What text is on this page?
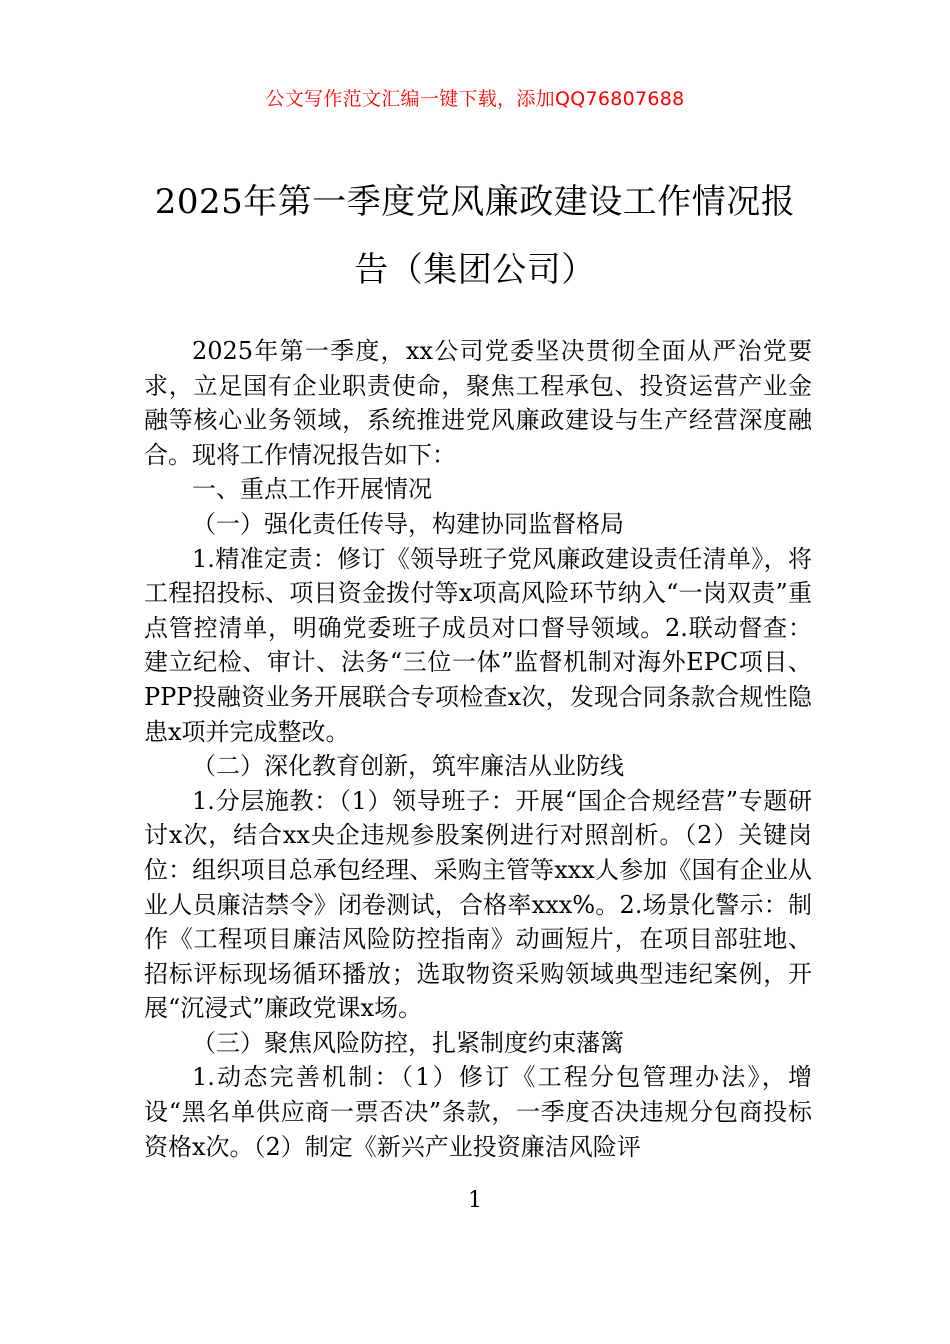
公文写作范文汇编一键下载，添加QQ76807688
2025年第一季度党风廉政建设工作情况报
告（集团公司）

2025年第一季度，xx公司党委坚决贯彻全面从严治党要求，立足国有企业职责使命，聚焦工程承包、投资运营产业金融等核心业务领域，系统推进党风廉政建设与生产经营深度融合。现将工作情况报告如下：

一、重点工作开展情况

（一）强化责任传导，构建协同监督格局

1.精准定责：修订《领导班子党风廉政建设责任清单》，将工程招投标、项目资金拨付等x项高风险环节纳入“一岗双责”重点管控清单，明确党委班子成员对口督导领域。2.联动督查：建立纪检、审计、法务“三位一体”监督机制对海外EPC项目、PPP投融资业务开展联合专项检查x次，发现合同条款合规性隐患x项并完成整改。

（二）深化教育创新，筑牢廉洁从业防线

1.分层施教：（1）领导班子：开展“国企合规经营”专题研讨x次，结合xx央企违规参股案例进行对照剖析。（2）关键岗位：组织项目总承包经理、采购主管等xxx人参加《国有企业从业人员廉洁禁令》闭卷测试，合格率xxx%。2.场景化警示：制作《工程项目廉洁风险防控指南》动画短片，在项目部驻地、招标评标现场循环播放；选取物资采购领域典型违纪案例，开展“沉浸式”廉政党课x场。

（三）聚焦风险防控，扎紧制度约束藩篱

1.动态完善机制：（1）修订《工程分包管理办法》，增设“黑名单供应商一票否决”条款，一季度否决违规分包商投标资格x次。（2）制定《新兴产业投资廉洁风险评

1
